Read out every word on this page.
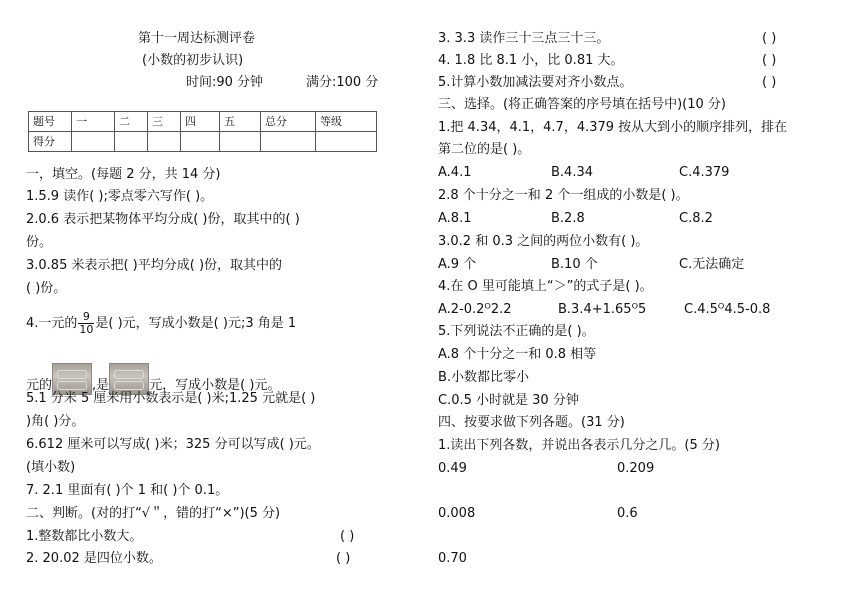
第十一周达标测评卷
(小数的初步认识)
时间:90 分钟	满分:100 分
题号	一	二	三	四	五	总分	等级
得分							
一，填空。(每题 2 分，共 14 分)
1.5.9 读作( );零点零六写作( )。
2.0.6 表示把某物体平均分成( )份，取其中的( )
份。
3.0.85 米表示把( )平均分成( )份，取其中的
( )份。
4.一元的 $\frac{9}{10}$ 是( )元，写成小数是( )元;3 角是 1
元的	,是	元，写成小数是( )元。
5.1 分米 5 厘米用小数表示是( )米;1.25 元就是( )
)角( )分。
6.612 厘米可以写成( )米；325 分可以写成( )元。
(填小数)
7. 2.1 里面有( )个 1 和( )个 0.1。
二、判断。(对的打“√＂，错的打“×”)(5 分)
1.整数都比小数大。	( )
2. 20.02 是四位小数。	( )
3. 3.3 读作三十三点三十三。	( )
4. 1.8 比 8.1 小，比 0.81 大。	( )
5.计算小数加减法要对齐小数点。	( )
三、选择。(将正确答案的序号填在括号中)(10 分)
1.把 4.34，4.1，4.7，4.379 按从大到小的顺序排列，排在
第二位的是( )。
A.4.1	B.4.34	C.4.379
2.8 个十分之一和 2 个一组成的小数是( )。
A.8.1	B.2.8	C.8.2
3.0.2 和 0.3 之间的两位小数有( )。
A.9 个	B.10 个	C.无法确定
4.在 O 里可能填上“＞”的式子是( )。
A.2-0.2ᴼ2.2	B.3.4+1.65ᴼ5	C.4.5ᴼ4.5-0.8
5.下列说法不正确的是( )。
A.8 个十分之一和 0.8 相等
B.小数都比零小
C.0.5 小时就是 30 分钟
四、按要求做下列各题。(31 分)
1.读出下列各数，并说出各表示几分之几。(5 分)
0.49	0.209
0.008	0.6
0.70
